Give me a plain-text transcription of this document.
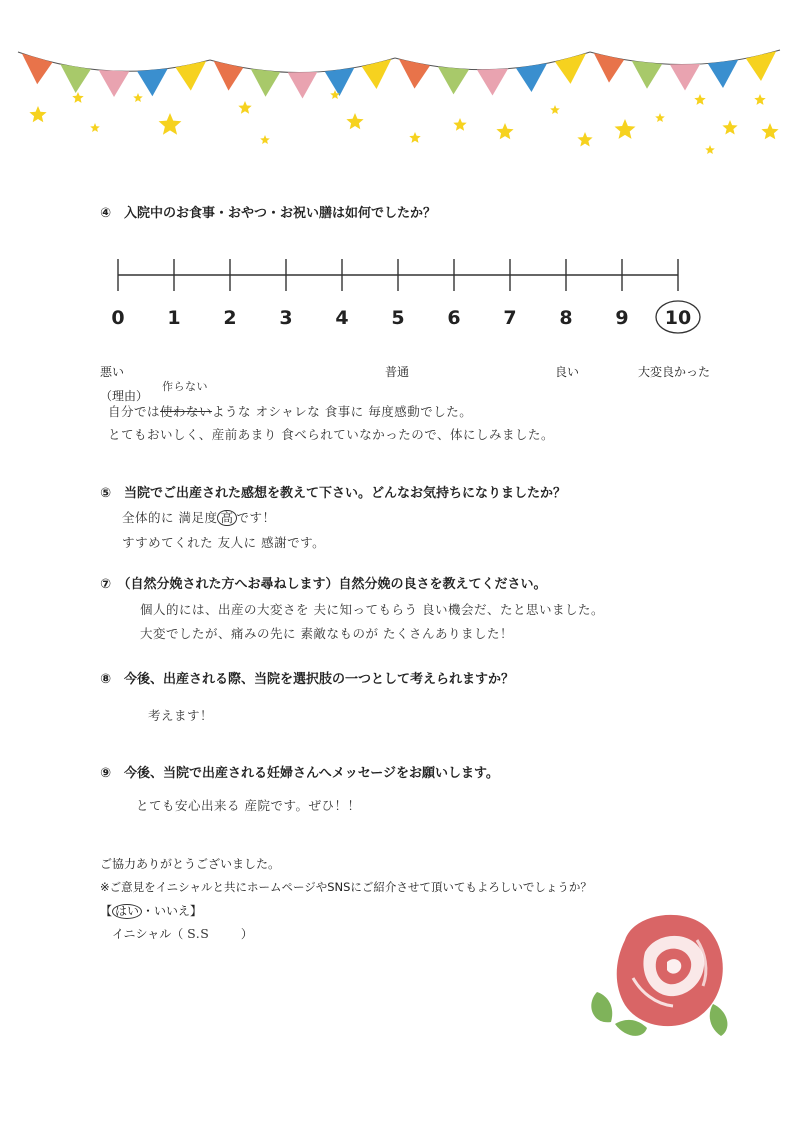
④　入院中のお食事・おやつ・お祝い膳は如何でしたか？
0 1 2 3 4 5 6 7 8 9 10
悪い	普通	良い	大変良かった
（理由）
作らない
自分では使わないような オシャレな 食事に 毎度感動でした。
とてもおいしく、産前あまり 食べられていなかったので、体にしみました。
⑤　当院でご出産された感想を教えて下さい。どんなお気持ちになりましたか？
全体的に 満足度 高 です！
すすめてくれた 友人に 感謝です。
⑦　（自然分娩された方へお尋ねします）自然分娩の良さを教えてください。
個人的には、出産の大変さを 夫に知ってもらう 良い機会だ、たと思いました。
大変でしたが、痛みの先に 素敵なものが たくさんありました！
⑧　今後、出産される際、当院を選択肢の一つとして考えられますか？
考えます！
⑨　今後、当院で出産される妊婦さんへメッセージをお願いします。
とても安心出来る 産院です。ぜひ！！
ご協力ありがとうございました。
※ご意見をイニシャルと共にホームページやSNSにご紹介させて頂いてもよろしいでしょうか？
【 はい ・いいえ】
イニシャル（ S.S	）
